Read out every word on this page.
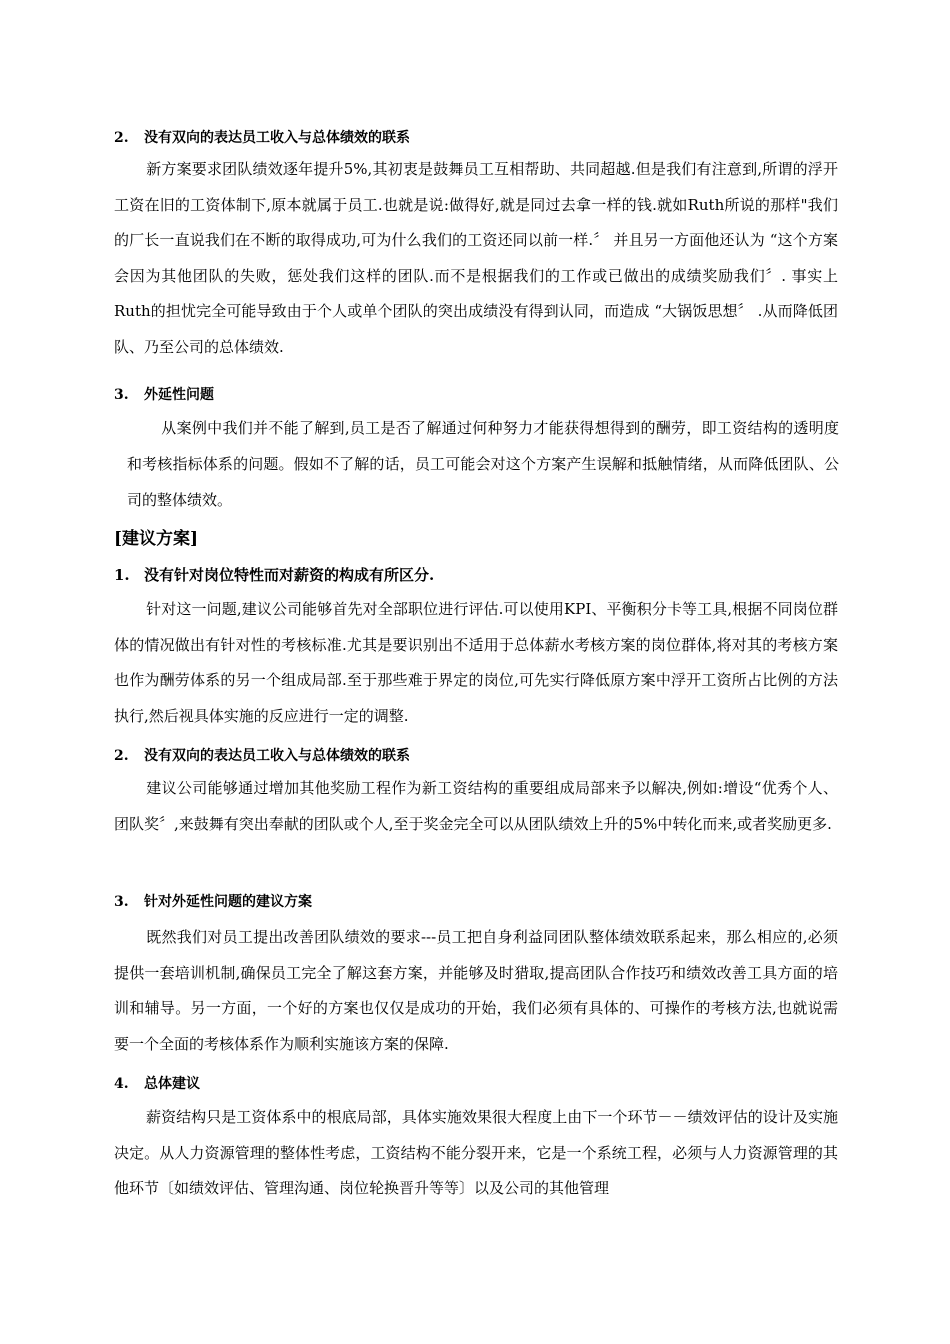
2. 没有双向的表达员工收入与总体绩效的联系

新方案要求团队绩效逐年提升5%,其初衷是鼓舞员工互相帮助、共同超越.但是我们有注意到,所谓的浮开工资在旧的工资体制下,原本就属于员工.也就是说:做得好,就是同过去拿一样的钱.就如Ruth所说的那样"我们的厂长一直说我们在不断的取得成功,可为什么我们的工资还同以前一样.〞 并且另一方面他还认为 “这个方案会因为其他团队的失败，惩处我们这样的团队.而不是根据我们的工作或已做出的成绩奖励我们〞. 事实上 Ruth的担忧完全可能导致由于个人或单个团队的突出成绩没有得到认同，而造成 “大锅饭思想〞 .从而降低团队、乃至公司的总体绩效.

3. 外延性问题

从案例中我们并不能了解到,员工是否了解通过何种努力才能获得想得到的酬劳，即工资结构的透明度和考核指标体系的问题。假如不了解的话，员工可能会对这个方案产生误解和抵触情绪，从而降低团队、公司的整体绩效。

[建议方案]
1. 没有针对岗位特性而对薪资的构成有所区分.

针对这一问题,建议公司能够首先对全部职位进行评估.可以使用KPI、平衡积分卡等工具,根据不同岗位群体的情况做出有针对性的考核标准.尤其是要识别出不适用于总体薪水考核方案的岗位群体,将对其的考核方案也作为酬劳体系的另一个组成局部.至于那些难于界定的岗位,可先实行降低原方案中浮开工资所占比例的方法执行,然后视具体实施的反应进行一定的调整.

2. 没有双向的表达员工收入与总体绩效的联系

建议公司能够通过增加其他奖励工程作为新工资结构的重要组成局部来予以解决,例如:增设“优秀个人、团队奖〞,来鼓舞有突出奉献的团队或个人,至于奖金完全可以从团队绩效上升的5%中转化而来,或者奖励更多.

3. 针对外延性问题的建议方案

既然我们对员工提出改善团队绩效的要求---员工把自身利益同团队整体绩效联系起来，那么相应的,必须提供一套培训机制,确保员工完全了解这套方案，并能够及时猎取,提高团队合作技巧和绩效改善工具方面的培训和辅导。另一方面，一个好的方案也仅仅是成功的开始，我们必须有具体的、可操作的考核方法,也就说需要一个全面的考核体系作为顺利实施该方案的保障.

4. 总体建议

薪资结构只是工资体系中的根底局部，具体实施效果很大程度上由下一个环节－－绩效评估的设计及实施决定。从人力资源管理的整体性考虑，工资结构不能分裂开来，它是一个系统工程，必须与人力资源管理的其他环节〔如绩效评估、管理沟通、岗位轮换晋升等等〕以及公司的其他管理
